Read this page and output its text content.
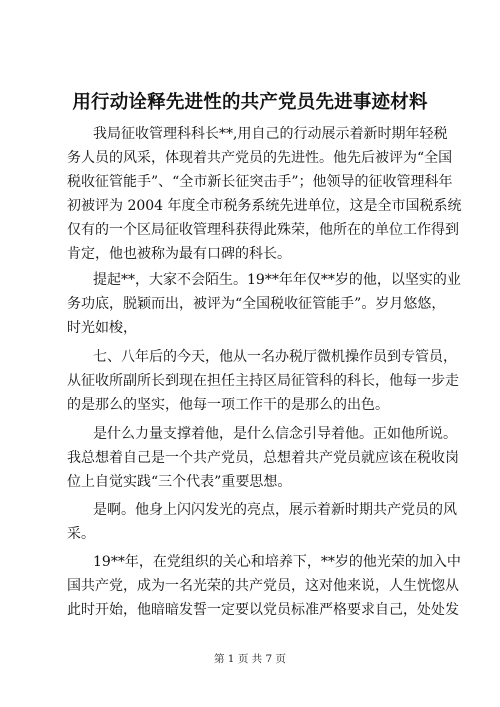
用行动诠释先进性的共产党员先进事迹材料
我局征收管理科科长**,用自己的行动展示着新时期年轻税
务人员的风采，体现着共产党员的先进性。他先后被评为“全国
税收征管能手”、“全市新长征突击手”；他领导的征收管理科年
初被评为 2004 年度全市税务系统先进单位，这是全市国税系统
仅有的一个区局征收管理科获得此殊荣，他所在的单位工作得到
肯定，他也被称为最有口碑的科长。
提起**，大家不会陌生。19**年年仅**岁的他，以坚实的业
务功底，脱颖而出，被评为“全国税收征管能手”。岁月悠悠，
时光如梭，
七、八年后的今天，他从一名办税厅微机操作员到专管员，
从征收所副所长到现在担任主持区局征管科的科长，他每一步走
的是那么的坚实，他每一项工作干的是那么的出色。
是什么力量支撑着他，是什么信念引导着他。正如他所说。
我总想着自己是一个共产党员，总想着共产党员就应该在税收岗
位上自觉实践“三个代表”重要思想。
是啊。他身上闪闪发光的亮点，展示着新时期共产党员的风
采。
19**年，在党组织的关心和培养下，**岁的他光荣的加入中
国共产党，成为一名光荣的共产党员，这对他来说，人生恍惚从
此时开始，他暗暗发誓一定要以党员标准严格要求自己，处处发
第 1 页 共 7 页
